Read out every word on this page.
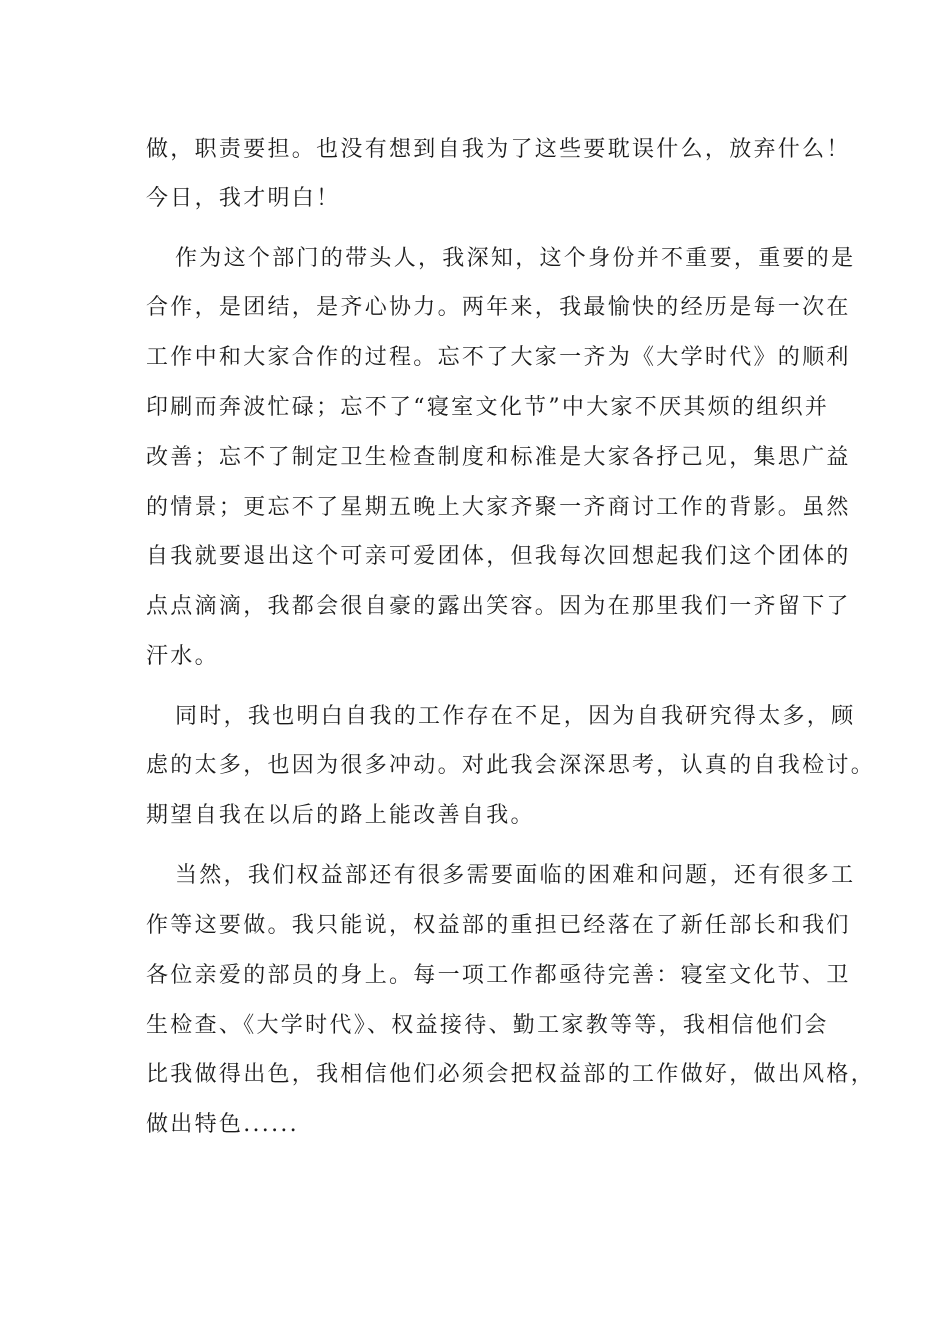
做，职责要担。也没有想到自我为了这些要耽误什么，放弃什么！
今日，我才明白！
作为这个部门的带头人，我深知，这个身份并不重要，重要的是
合作，是团结，是齐心协力。两年来，我最愉快的经历是每一次在
工作中和大家合作的过程。忘不了大家一齐为《大学时代》的顺利
印刷而奔波忙碌；忘不了“寝室文化节”中大家不厌其烦的组织并
改善；忘不了制定卫生检查制度和标准是大家各抒己见，集思广益
的情景；更忘不了星期五晚上大家齐聚一齐商讨工作的背影。虽然
自我就要退出这个可亲可爱团体，但我每次回想起我们这个团体的
点点滴滴，我都会很自豪的露出笑容。因为在那里我们一齐留下了
汗水。
同时，我也明白自我的工作存在不足，因为自我研究得太多，顾
虑的太多，也因为很多冲动。对此我会深深思考，认真的自我检讨。
期望自我在以后的路上能改善自我。
当然，我们权益部还有很多需要面临的困难和问题，还有很多工
作等这要做。我只能说，权益部的重担已经落在了新任部长和我们
各位亲爱的部员的身上。每一项工作都亟待完善：寝室文化节、卫
生检查、《大学时代》、权益接待、勤工家教等等，我相信他们会
比我做得出色，我相信他们必须会把权益部的工作做好，做出风格，
做出特色......
